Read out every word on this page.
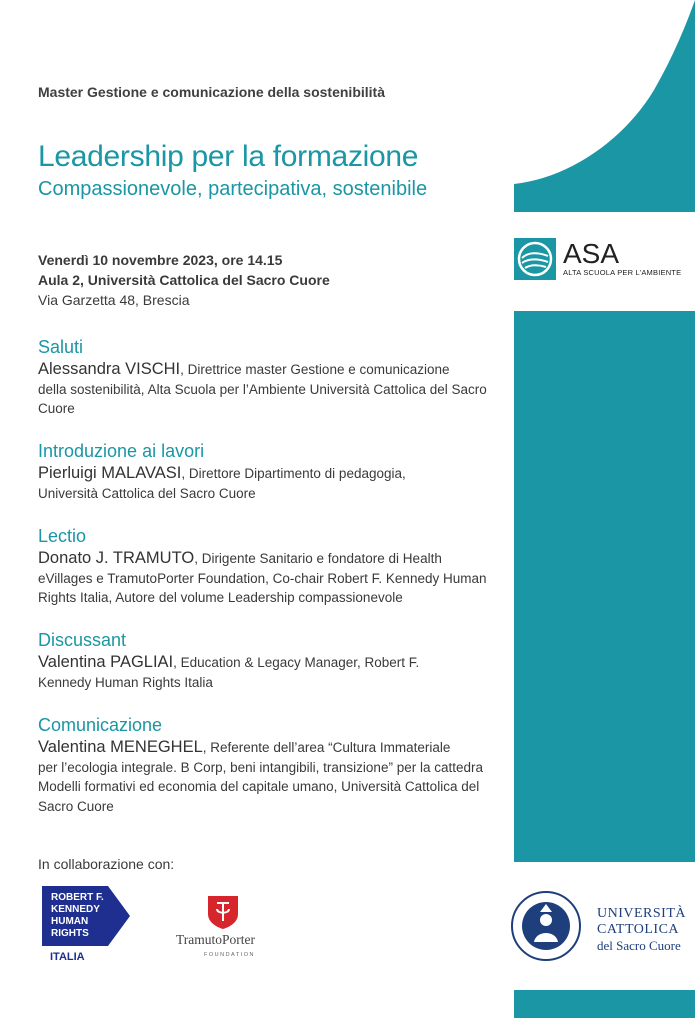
ASA
ALTA SCUOLA PER L’AMBIENTE
Master Gestione e comunicazione della sostenibilità
Leadership per la formazione
Compassionevole, partecipativa, sostenibile
Venerdì 10 novembre 2023, ore 14.15
Aula 2, Università Cattolica del Sacro Cuore
Via Garzetta 48, Brescia
Saluti
Alessandra VISCHI, Direttrice master Gestione e comunicazione
della sostenibilità, Alta Scuola per l’Ambiente Università Cattolica del Sacro Cuore
Introduzione ai lavori
Pierluigi MALAVASI, Direttore Dipartimento di pedagogia,
Università Cattolica del Sacro Cuore
Lectio
Donato J. TRAMUTO, Dirigente Sanitario e fondatore di Health
eVillages e TramutoPorter Foundation, Co-chair Robert F. Kennedy Human Rights Italia, Autore del volume Leadership compassionevole
Discussant
Valentina PAGLIAI, Education & Legacy Manager, Robert F.
Kennedy Human Rights Italia
Comunicazione
Valentina MENEGHEL, Referente dell’area “Cultura Immateriale
per l’ecologia integrale. B Corp, beni intangibili, transizione” per la cattedra Modelli formativi ed economia del capitale umano, Università Cattolica del Sacro Cuore
In collaborazione con:
ROBERT F.
KENNEDY
HUMAN
RIGHTS
ITALIA
TramutoPorter
FOUNDATION
UNIVERSITÀ
CATTOLICA
del Sacro Cuore
